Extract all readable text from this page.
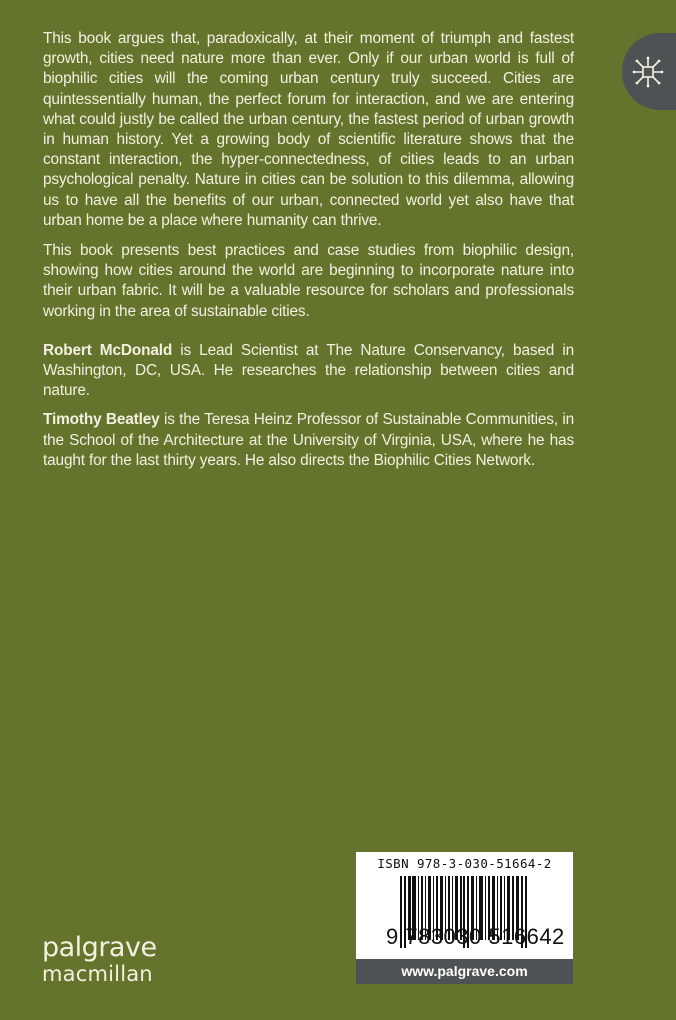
This book argues that, paradoxically, at their moment of triumph and fastest growth, cities need nature more than ever. Only if our urban world is full of biophilic cities will the coming urban century truly succeed. Cities are quintessentially human, the perfect forum for interaction, and we are entering what could justly be called the urban century, the fastest period of urban growth in human history. Yet a growing body of scientific literature shows that the constant interaction, the hyper-connectedness, of cities leads to an urban psychological penalty. Nature in cities can be solution to this dilemma, allowing us to have all the benefits of our urban, connected world yet also have that urban home be a place where humanity can thrive.

This book presents best practices and case studies from biophilic design, showing how cities around the world are beginning to incorporate nature into their urban fabric. It will be a valuable resource for scholars and professionals working in the area of sustainable cities.

Robert McDonald is Lead Scientist at The Nature Conservancy, based in Washington, DC, USA. He researches the relationship between cities and nature.

Timothy Beatley is the Teresa Heinz Professor of Sustainable Communities, in the School of the Architecture at the University of Virginia, USA, where he has taught for the last thirty years. He also directs the Biophilic Cities Network.

ISBN 978-3-030-51664-2
9 783030 516642
www.palgrave.com
palgrave
macmillan
